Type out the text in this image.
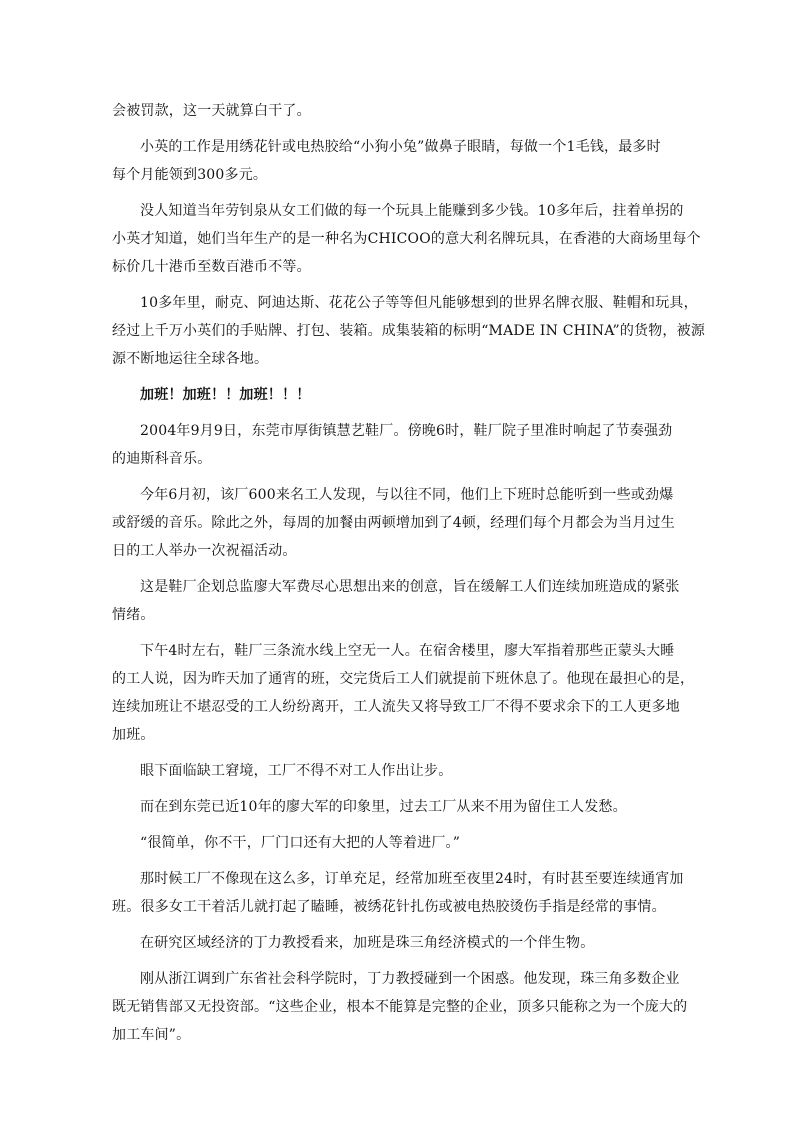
会被罚款，这一天就算白干了。
小英的工作是用绣花针或电热胶给“小狗小兔”做鼻子眼睛，每做一个1毛钱，最多时
每个月能领到300多元。
没人知道当年劳钊泉从女工们做的每一个玩具上能赚到多少钱。10多年后，拄着单拐的
小英才知道，她们当年生产的是一种名为CHICOO的意大利名牌玩具，在香港的大商场里每个
标价几十港币至数百港币不等。
10多年里，耐克、阿迪达斯、花花公子等等但凡能够想到的世界名牌衣服、鞋帽和玩具，
经过上千万小英们的手贴牌、打包、装箱。成集装箱的标明“MADE IN CHINA”的货物，被源
源不断地运往全球各地。
加班！加班！！加班！！！
2004年9月9日，东莞市厚街镇慧艺鞋厂。傍晚6时，鞋厂院子里准时响起了节奏强劲
的迪斯科音乐。
今年6月初，该厂600来名工人发现，与以往不同，他们上下班时总能听到一些或劲爆
或舒缓的音乐。除此之外，每周的加餐由两顿增加到了4顿，经理们每个月都会为当月过生
日的工人举办一次祝福活动。
这是鞋厂企划总监廖大军费尽心思想出来的创意，旨在缓解工人们连续加班造成的紧张
情绪。
下午4时左右，鞋厂三条流水线上空无一人。在宿舍楼里，廖大军指着那些正蒙头大睡
的工人说，因为昨天加了通宵的班，交完货后工人们就提前下班休息了。他现在最担心的是，
连续加班让不堪忍受的工人纷纷离开，工人流失又将导致工厂不得不要求余下的工人更多地
加班。
眼下面临缺工窘境，工厂不得不对工人作出让步。
而在到东莞已近10年的廖大军的印象里，过去工厂从来不用为留住工人发愁。
“很简单，你不干，厂门口还有大把的人等着进厂。”
那时候工厂不像现在这么多，订单充足，经常加班至夜里24时，有时甚至要连续通宵加
班。很多女工干着活儿就打起了瞌睡，被绣花针扎伤或被电热胶烫伤手指是经常的事情。
在研究区域经济的丁力教授看来，加班是珠三角经济模式的一个伴生物。
刚从浙江调到广东省社会科学院时，丁力教授碰到一个困惑。他发现，珠三角多数企业
既无销售部又无投资部。“这些企业，根本不能算是完整的企业，顶多只能称之为一个庞大的
加工车间”。
